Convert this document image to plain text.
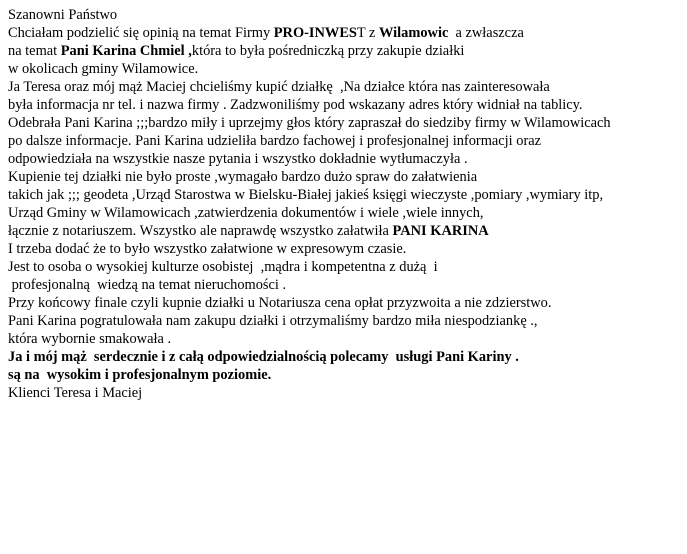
Szanowni Państwo
Chciałam podzielić się opinią na temat Firmy PRO-INWEST z Wilamowic  a zwłaszcza
na temat Pani Karina Chmiel ,która to była pośredniczką przy zakupie działki
w okolicach gminy Wilamowice.
Ja Teresa oraz mój mąż Maciej chcieliśmy kupić działkę  ,Na działce która nas zainteresowała
była informacja nr tel. i nazwa firmy . Zadzwoniliśmy pod wskazany adres który widniał na tablicy.
Odebrała Pani Karina ;;;bardzo miły i uprzejmy głos który zapraszał do siedziby firmy w Wilamowicach
po dalsze informacje. Pani Karina udzieliła bardzo fachowej i profesjonalnej informacji oraz
odpowiedziała na wszystkie nasze pytania i wszystko dokładnie wytłumaczyła .
Kupienie tej działki nie było proste ,wymagało bardzo dużo spraw do załatwienia
takich jak ;;; geodeta ,Urząd Starostwa w Bielsku-Białej jakieś księgi wieczyste ,pomiary ,wymiary itp,
Urząd Gminy w Wilamowicach ,zatwierdzenia dokumentów i wiele ,wiele innych,
łącznie z notariuszem. Wszystko ale naprawdę wszystko załatwiła PANI KARINA
I trzeba dodać że to było wszystko załatwione w expresowym czasie.
Jest to osoba o wysokiej kulturze osobistej  ,mądra i kompetentna z dużą  i
profesjonalną  wiedzą na temat nieruchomości .
Przy końcowy finale czyli kupnie działki u Notariusza cena opłat przyzwoita a nie zdzierstwo.
Pani Karina pogratulowała nam zakupu działki i otrzymaliśmy bardzo miła niespodziankę .,
która wybornie smakowała .
Ja i mój mąż  serdecznie i z całą odpowiedzialnością polecamy  usługi Pani Kariny .
są na  wysokim i profesjonalnym poziomie.
Klienci Teresa i Maciej
